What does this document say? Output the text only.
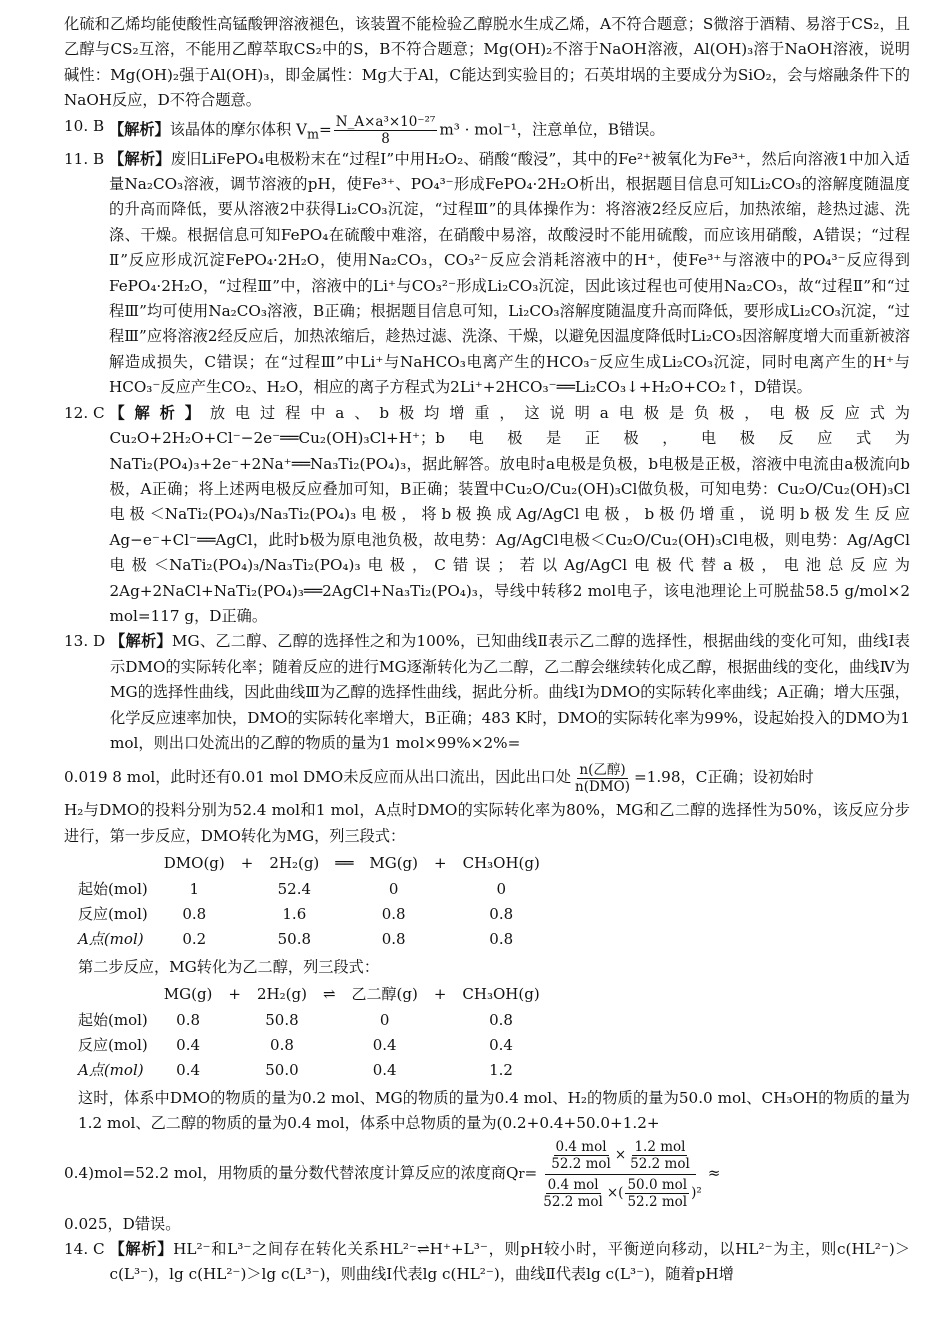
化硫和乙烯均能使酸性高锰酸钾溶液褪色，该装置不能检验乙醇脱水生成乙烯，A不符合题意；S微溶于酒精、易溶于CS₂，且乙醇与CS₂互溶，不能用乙醇萃取CS₂中的S，B不符合题意；Mg(OH)₂不溶于NaOH溶液，Al(OH)₃溶于NaOH溶液，说明碱性：Mg(OH)₂强于Al(OH)₃，即金属性：Mg大于Al，C能达到实验目的；石英坩埚的主要成分为SiO₂，会与熔融条件下的NaOH反应，D不符合题意。

10. B
【解析】该晶体的摩尔体积 $V_m= \frac{\text{N\_A×a³×10⁻²⁷}}{8} m^3 \cdot mol^{-1}$，注意单位，B错误。
11. B
【解析】废旧LiFePO₄电极粉末在“过程Ⅰ”中用H₂O₂、硝酸“酸浸”，其中的Fe²⁺被氧化为Fe³⁺，然后向溶液1中加入适量Na₂CO₃溶液，调节溶液的pH，使Fe³⁺、PO₄³⁻形成FePO₄·2H₂O析出，根据题目信息可知Li₂CO₃的溶解度随温度的升高而降低，要从溶液2中获得Li₂CO₃沉淀，“过程Ⅲ”的具体操作为：将溶液2经反应后，加热浓缩，趁热过滤、洗涤、干燥。根据信息可知FePO₄在硫酸中难溶，在硝酸中易溶，故酸浸时不能用硫酸，而应该用硝酸，A错误；“过程Ⅱ”反应形成沉淀FePO₄·2H₂O，使用Na₂CO₃，CO₃²⁻反应会消耗溶液中的H⁺，使Fe³⁺与溶液中的PO₄³⁻反应得到FePO₄·2H₂O，“过程Ⅲ”中，溶液中的Li⁺与CO₃²⁻形成Li₂CO₃沉淀，因此该过程也可使用Na₂CO₃，故“过程Ⅱ”和“过程Ⅲ”均可使用Na₂CO₃溶液，B正确；根据题目信息可知，Li₂CO₃溶解度随温度升高而降低，要形成Li₂CO₃沉淀，“过程Ⅲ”应将溶液2经反应后，加热浓缩后，趁热过滤、洗涤、干燥，以避免因温度降低时Li₂CO₃因溶解度增大而重新被溶解造成损失，C错误；在“过程Ⅲ”中Li⁺与NaHCO₃电离产生的HCO₃⁻反应生成Li₂CO₃沉淀，同时电离产生的H⁺与HCO₃⁻反应产生CO₂、H₂O，相应的离子方程式为2Li⁺+2HCO₃⁻══Li₂CO₃↓+H₂O+CO₂↑，D错误。
12. C
【解析】放电过程中a、b极均增重，这说明a电极是负极，电极反应式为Cu₂O+2H₂O+Cl⁻−2e⁻══Cu₂(OH)₃Cl+H⁺；b电极是正极，电极反应式为NaTi₂(PO₄)₃+2e⁻+2Na⁺══Na₃Ti₂(PO₄)₃，据此解答。放电时a电极是负极，b电极是正极，溶液中电流由a极流向b极，A正确；将上述两电极反应叠加可知，B正确；装置中Cu₂O/Cu₂(OH)₃Cl做负极，可知电势：Cu₂O/Cu₂(OH)₃Cl电极＜NaTi₂(PO₄)₃/Na₃Ti₂(PO₄)₃电极，将b极换成Ag/AgCl电极，b极仍增重，说明b极发生反应Ag−e⁻+Cl⁻══AgCl，此时b极为原电池负极，故电势：Ag/AgCl电极＜Cu₂O/Cu₂(OH)₃Cl电极，则电势：Ag/AgCl电极＜NaTi₂(PO₄)₃/Na₃Ti₂(PO₄)₃电极，C错误；若以Ag/AgCl电极代替a极，电池总反应为2Ag+2NaCl+NaTi₂(PO₄)₃══2AgCl+Na₃Ti₂(PO₄)₃，导线中转移2 mol电子，该电池理论上可脱盐58.5 g/mol×2 mol=117 g，D正确。
13. D
【解析】MG、乙二醇、乙醇的选择性之和为100%，已知曲线Ⅱ表示乙二醇的选择性，根据曲线的变化可知，曲线Ⅰ表示DMO的实际转化率；随着反应的进行MG逐渐转化为乙二醇，乙二醇会继续转化成乙醇，根据曲线的变化，曲线Ⅳ为MG的选择性曲线，因此曲线Ⅲ为乙醇的选择性曲线，据此分析。曲线Ⅰ为DMO的实际转化率曲线；A正确；增大压强，化学反应速率加快，DMO的实际转化率增大，B正确；483 K时，DMO的实际转化率为99%，设起始投入的DMO为1 mol，则出口处流出的乙醇的物质的量为1 mol×99%×2%=
0.019 8 mol，此时还有0.01 mol DMO未反应而从出口流出，因此出口处 $\frac{\text{n(乙醇)}}{\text{n(DMO)}} =1.98$，C正确；设初始时
H₂与DMO的投料分别为52.4 mol和1 mol，A点时DMO的实际转化率为80%，MG和乙二醇的选择性为50%，该反应分步进行，第一步反应，DMO转化为MG，列三段式：
	DMO(g)	+	2H₂(g)	══	MG(g)	+	CH₃OH(g)
起始(mol)	1		52.4		0		0
反应(mol)	0.8		1.6		0.8		0.8
A点(mol)	0.2		50.8		0.8		0.8
第二步反应，MG转化为乙二醇，列三段式：
	MG(g)	+	2H₂(g)	⇌	乙二醇(g)	+	CH₃OH(g)
起始(mol)	0.8		50.8		0		0.8
反应(mol)	0.4		0.8		0.4		0.4
A点(mol)	0.4		50.0		0.4		1.2
这时，体系中DMO的物质的量为0.2 mol、MG的物质的量为0.4 mol、H₂的物质的量为50.0 mol、CH₃OH的物质的量为1.2 mol、乙二醇的物质的量为0.4 mol，体系中总物质的量为(0.2+0.4+50.0+1.2+
0.4)mol=52.2 mol，用物质的量分数代替浓度计算反应的浓度商Q r =
$\frac{\text{0.4 mol}}{\text{52.2 mol}} \times \frac{\text{1.2 mol}}{\text{52.2 mol}}$
$\frac{\text{0.4 mol}}{\text{52.2 mol}}$ ×( $\frac{\text{50.0 mol}}{\text{52.2 mol}} )^2$
≈
0.025，D错误。
14. C
【解析】HL²⁻和L³⁻之间存在转化关系HL²⁻⇌H⁺+L³⁻，则pH较小时，平衡逆向移动，以HL²⁻为主，则c(HL²⁻)＞c(L³⁻)，lg c(HL²⁻)＞lg c(L³⁻)，则曲线Ⅰ代表lg c(HL²⁻)，曲线Ⅱ代表lg c(L³⁻)，随着pH增
